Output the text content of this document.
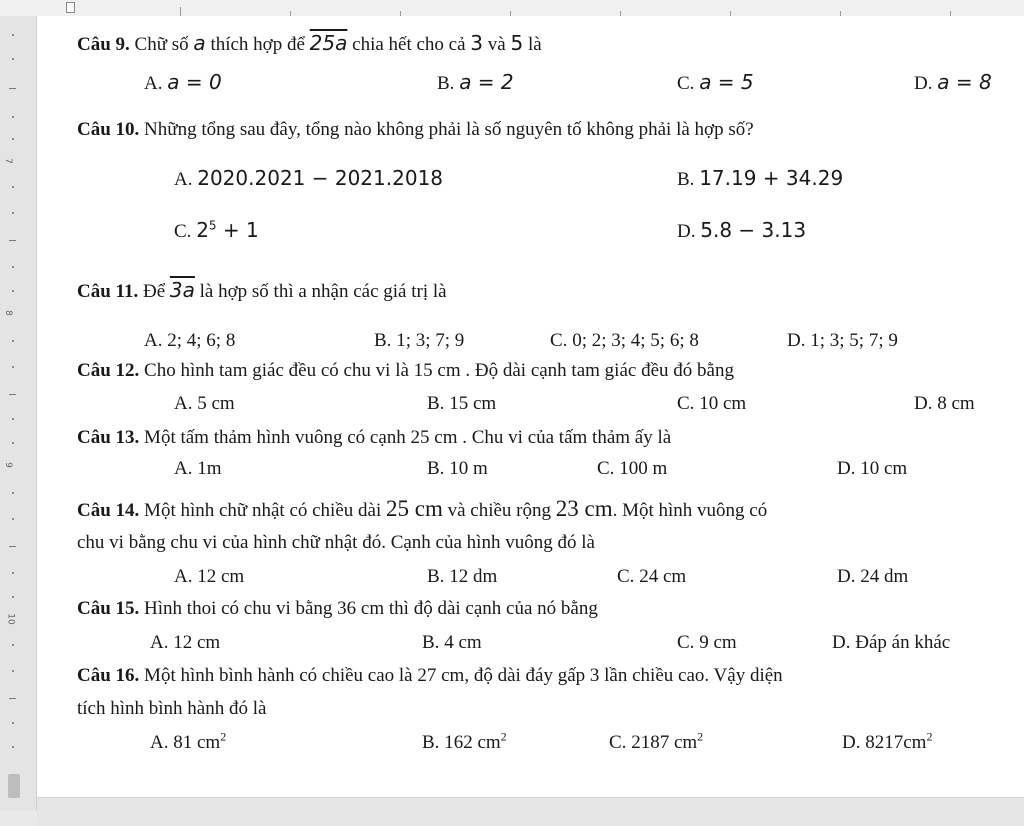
7
8
9
10
Câu 9. Chữ số a thích hợp để 25a chia hết cho cả 3 và 5 là
A. a = 0	B. a = 2	C. a = 5	D. a = 8
Câu 10. Những tổng sau đây, tổng nào không phải là số nguyên tố không phải là hợp số?
A. 2020.2021 − 2021.2018	B. 17.19 + 34.29
C. $2^5 + 1$	D. 5.8 − 3.13
Câu 11. Để 3a là hợp số thì a nhận các giá trị là
A. 2; 4; 6; 8	B. 1; 3; 7; 9	C. 0; 2; 3; 4; 5; 6; 8	D. 1; 3; 5; 7; 9
Câu 12. Cho hình tam giác đều có chu vi là 15 cm . Độ dài cạnh tam giác đều đó bằng
A. 5 cm	B. 15 cm	C. 10 cm	D. 8 cm
Câu 13. Một tấm thảm hình vuông có cạnh 25 cm . Chu vi của tấm thảm ấy là
A. 1m	B. 10 m	C. 100 m	D. 10 cm
Câu 14. Một hình chữ nhật có chiều dài 25 cm và chiều rộng 23 cm. Một hình vuông có
chu vi bằng chu vi của hình chữ nhật đó. Cạnh của hình vuông đó là
A. 12 cm	B. 12 dm	C. 24 cm	D. 24 dm
Câu 15. Hình thoi có chu vi bằng 36 cm thì độ dài cạnh của nó bằng
A. 12 cm	B. 4 cm	C. 9 cm	D. Đáp án khác
Câu 16. Một hình bình hành có chiều cao là 27 cm, độ dài đáy gấp 3 lần chiều cao. Vậy diện
tích hình bình hành đó là
A. 81 $cm^2$	B. 162 $cm^2$	C. 2187 $cm^2$	D. $8217cm^2$
